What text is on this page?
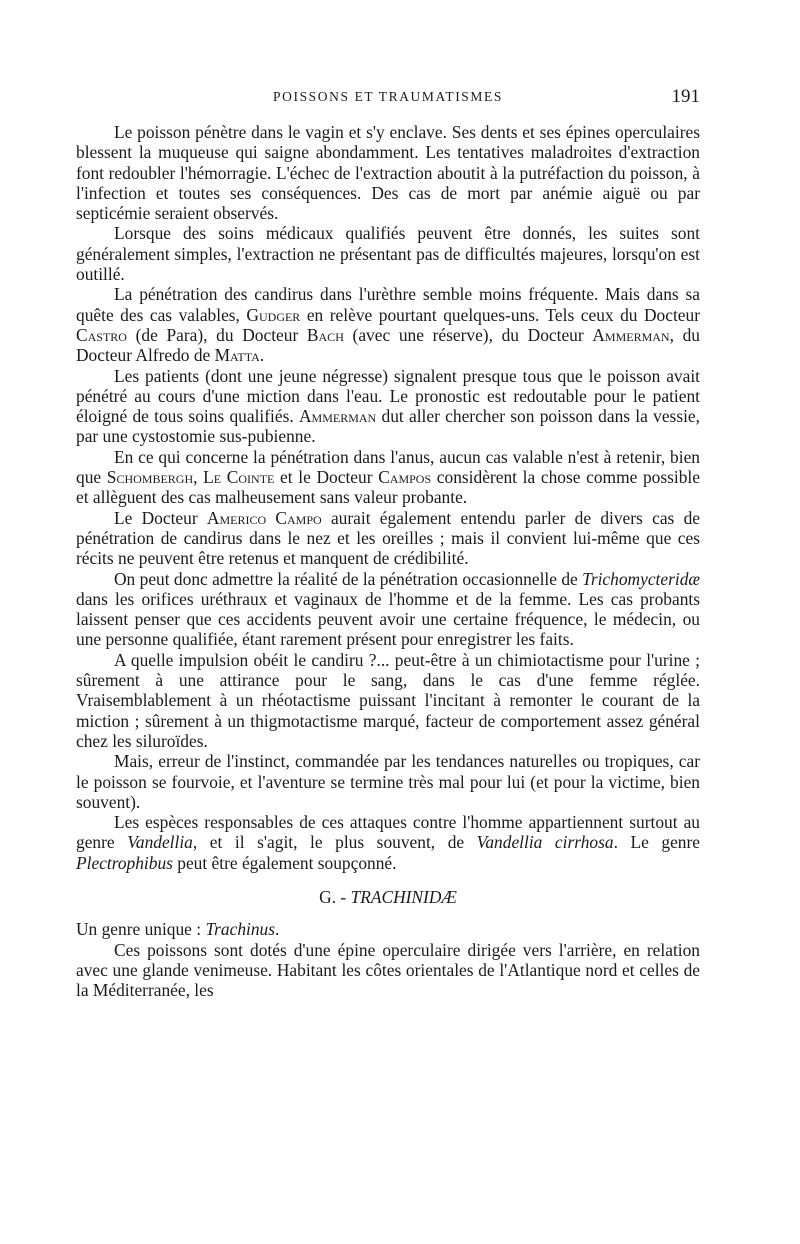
POISSONS ET TRAUMATISMES	191

Le poisson pénètre dans le vagin et s'y enclave. Ses dents et ses épines operculaires blessent la muqueuse qui saigne abondamment. Les tentatives maladroites d'extraction font redoubler l'hémorragie. L'échec de l'extraction aboutit à la putréfaction du poisson, à l'infection et toutes ses conséquences. Des cas de mort par anémie aiguë ou par septicémie seraient observés.

Lorsque des soins médicaux qualifiés peuvent être donnés, les suites sont généralement simples, l'extraction ne présentant pas de difficultés majeures, lorsqu'on est outillé.

La pénétration des candirus dans l'urèthre semble moins fréquente. Mais dans sa quête des cas valables, Gudger en relève pourtant quelques-uns. Tels ceux du Docteur Castro (de Para), du Docteur Bach (avec une réserve), du Docteur Ammerman, du Docteur Alfredo de Matta.

Les patients (dont une jeune négresse) signalent presque tous que le poisson avait pénétré au cours d'une miction dans l'eau. Le pronostic est redoutable pour le patient éloigné de tous soins qualifiés. Ammerman dut aller chercher son poisson dans la vessie, par une cystostomie sus-pubienne.

En ce qui concerne la pénétration dans l'anus, aucun cas valable n'est à retenir, bien que Schombergh, Le Cointe et le Docteur Campos considèrent la chose comme possible et allèguent des cas malheusement sans valeur probante.

Le Docteur Americo Campo aurait également entendu parler de divers cas de pénétration de candirus dans le nez et les oreilles ; mais il convient lui-même que ces récits ne peuvent être retenus et manquent de crédibilité.

On peut donc admettre la réalité de la pénétration occasionnelle de Trichomycteridæ dans les orifices uréthraux et vaginaux de l'homme et de la femme. Les cas probants laissent penser que ces accidents peuvent avoir une certaine fréquence, le médecin, ou une personne qualifiée, étant rarement présent pour enregistrer les faits.

A quelle impulsion obéit le candiru ?... peut-être à un chimiotactisme pour l'urine ; sûrement à une attirance pour le sang, dans le cas d'une femme réglée. Vraisemblablement à un rhéotactisme puissant l'incitant à remonter le courant de la miction ; sûrement à un thigmotactisme marqué, facteur de comportement assez général chez les siluroïdes.

Mais, erreur de l'instinct, commandée par les tendances naturelles ou tropiques, car le poisson se fourvoie, et l'aventure se termine très mal pour lui (et pour la victime, bien souvent).

Les espèces responsables de ces attaques contre l'homme appartiennent surtout au genre Vandellia, et il s'agit, le plus souvent, de Vandellia cirrhosa. Le genre Plectrophibus peut être également soupçonné.

G. - TRACHINIDÆ

Un genre unique : Trachinus.

Ces poissons sont dotés d'une épine operculaire dirigée vers l'arrière, en relation avec une glande venimeuse. Habitant les côtes orientales de l'Atlantique nord et celles de la Méditerranée, les
